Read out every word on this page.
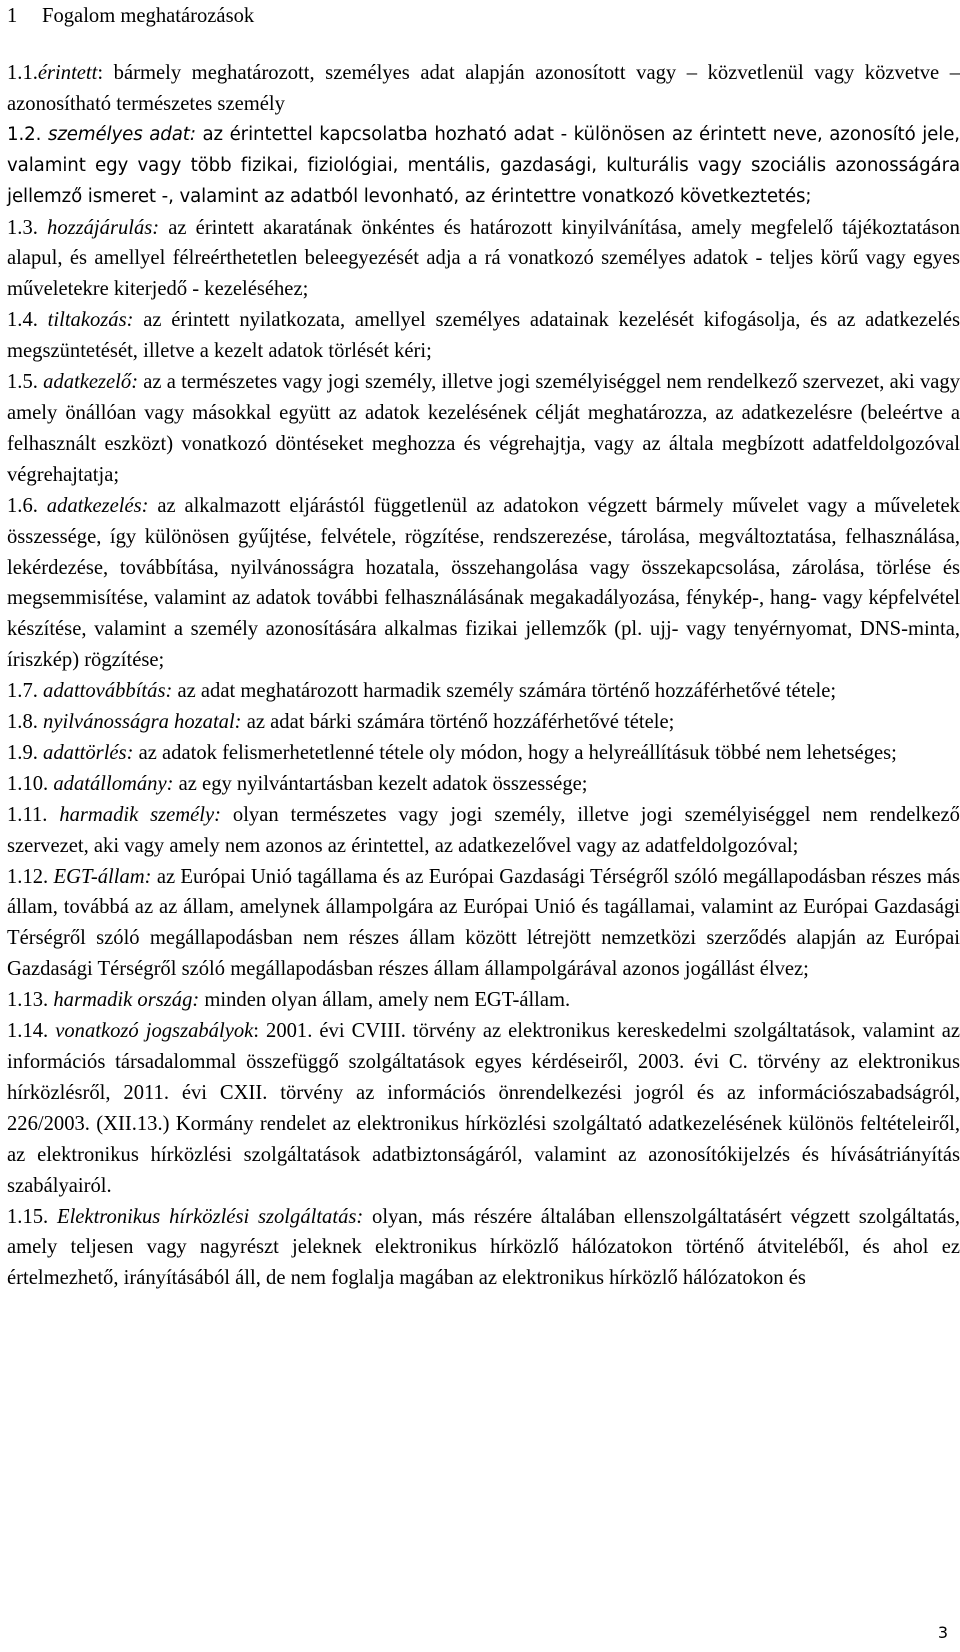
1 Fogalom meghatározások

1.1.érintett: bármely meghatározott, személyes adat alapján azonosított vagy – közvetlenül vagy közvetve – azonosítható természetes személy

1.2. személyes adat: az érintettel kapcsolatba hozható adat - különösen az érintett neve, azonosító jele, valamint egy vagy több fizikai, fiziológiai, mentális, gazdasági, kulturális vagy szociális azonosságára jellemző ismeret -, valamint az adatból levonható, az érintettre vonatkozó következtetés;

1.3. hozzájárulás: az érintett akaratának önkéntes és határozott kinyilvánítása, amely megfelelő tájékoztatáson alapul, és amellyel félreérthetetlen beleegyezését adja a rá vonatkozó személyes adatok - teljes körű vagy egyes műveletekre kiterjedő - kezeléséhez;

1.4. tiltakozás: az érintett nyilatkozata, amellyel személyes adatainak kezelését kifogásolja, és az adatkezelés megszüntetését, illetve a kezelt adatok törlését kéri;

1.5. adatkezelő: az a természetes vagy jogi személy, illetve jogi személyiséggel nem rendelkező szervezet, aki vagy amely önállóan vagy másokkal együtt az adatok kezelésének célját meghatározza, az adatkezelésre (beleértve a felhasznált eszközt) vonatkozó döntéseket meghozza és végrehajtja, vagy az általa megbízott adatfeldolgozóval végrehajtatja;

1.6. adatkezelés: az alkalmazott eljárástól függetlenül az adatokon végzett bármely művelet vagy a műveletek összessége, így különösen gyűjtése, felvétele, rögzítése, rendszerezése, tárolása, megváltoztatása, felhasználása, lekérdezése, továbbítása, nyilvánosságra hozatala, összehangolása vagy összekapcsolása, zárolása, törlése és megsemmisítése, valamint az adatok további felhasználásának megakadályozása, fénykép-, hang- vagy képfelvétel készítése, valamint a személy azonosítására alkalmas fizikai jellemzők (pl. ujj- vagy tenyérnyomat, DNS-minta, íriszkép) rögzítése;

1.7. adattovábbítás: az adat meghatározott harmadik személy számára történő hozzáférhetővé tétele;

1.8. nyilvánosságra hozatal: az adat bárki számára történő hozzáférhetővé tétele;

1.9. adattörlés: az adatok felismerhetetlenné tétele oly módon, hogy a helyreállításuk többé nem lehetséges;

1.10. adatállomány: az egy nyilvántartásban kezelt adatok összessége;

1.11. harmadik személy: olyan természetes vagy jogi személy, illetve jogi személyiséggel nem rendelkező szervezet, aki vagy amely nem azonos az érintettel, az adatkezelővel vagy az adatfeldolgozóval;

1.12. EGT-állam: az Európai Unió tagállama és az Európai Gazdasági Térségről szóló megállapodásban részes más állam, továbbá az az állam, amelynek állampolgára az Európai Unió és tagállamai, valamint az Európai Gazdasági Térségről szóló megállapodásban nem részes állam között létrejött nemzetközi szerződés alapján az Európai Gazdasági Térségről szóló megállapodásban részes állam állampolgárával azonos jogállást élvez;

1.13. harmadik ország: minden olyan állam, amely nem EGT-állam.

1.14. vonatkozó jogszabályok: 2001. évi CVIII. törvény az elektronikus kereskedelmi szolgáltatások, valamint az információs társadalommal összefüggő szolgáltatások egyes kérdéseiről, 2003. évi C. törvény az elektronikus hírközlésről, 2011. évi CXII. törvény az információs önrendelkezési jogról és az információszabadságról, 226/2003. (XII.13.) Kormány rendelet az elektronikus hírközlési szolgáltató adatkezelésének különös feltételeiről, az elektronikus hírközlési szolgáltatások adatbiztonságáról, valamint az azonosítókijelzés és hívásátriányítás szabályairól.

1.15. Elektronikus hírközlési szolgáltatás: olyan, más részére általában ellenszolgáltatásért végzett szolgáltatás, amely teljesen vagy nagyrészt jeleknek elektronikus hírközlő hálózatokon történő átviteléből, és ahol ez értelmezhető, irányításából áll, de nem foglalja magában az elektronikus hírközlő hálózatokon és

3
